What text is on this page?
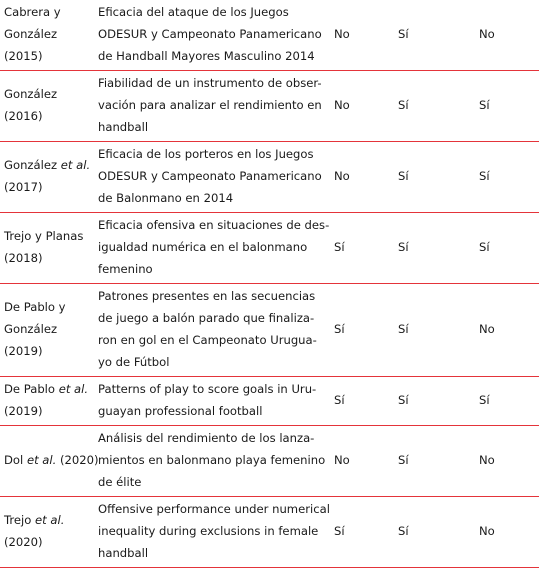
Cabrera y
González
(2015)	Eficacia del ataque de los Juegos
ODESUR y Campeonato Panamericano
de Handball Mayores Masculino 2014	No	Sí	No

González
(2016)	Fiabilidad de un instrumento de obser-
vación para analizar el rendimiento en
handball	No	Sí	Sí

González et al.
(2017)	Eficacia de los porteros en los Juegos
ODESUR y Campeonato Panamericano
de Balonmano en 2014	No	Sí	Sí

Trejo y Planas
(2018)	Eficacia ofensiva en situaciones de des-
igualdad numérica en el balonmano
femenino	Sí	Sí	Sí

De Pablo y
González
(2019)	Patrones presentes en las secuencias
de juego a balón parado que finaliza-
ron en gol en el Campeonato Urugua-
yo de Fútbol	Sí	Sí	No

De Pablo et al.
(2019)	Patterns of play to score goals in Uru-
guayan professional football	Sí	Sí	Sí

Dol et al. (2020)	Análisis del rendimiento de los lanza-
mientos en balonmano playa femenino
de élite	No	Sí	No

Trejo et al.
(2020)	Offensive performance under numerical
inequality during exclusions in female
handball	Sí	Sí	No
